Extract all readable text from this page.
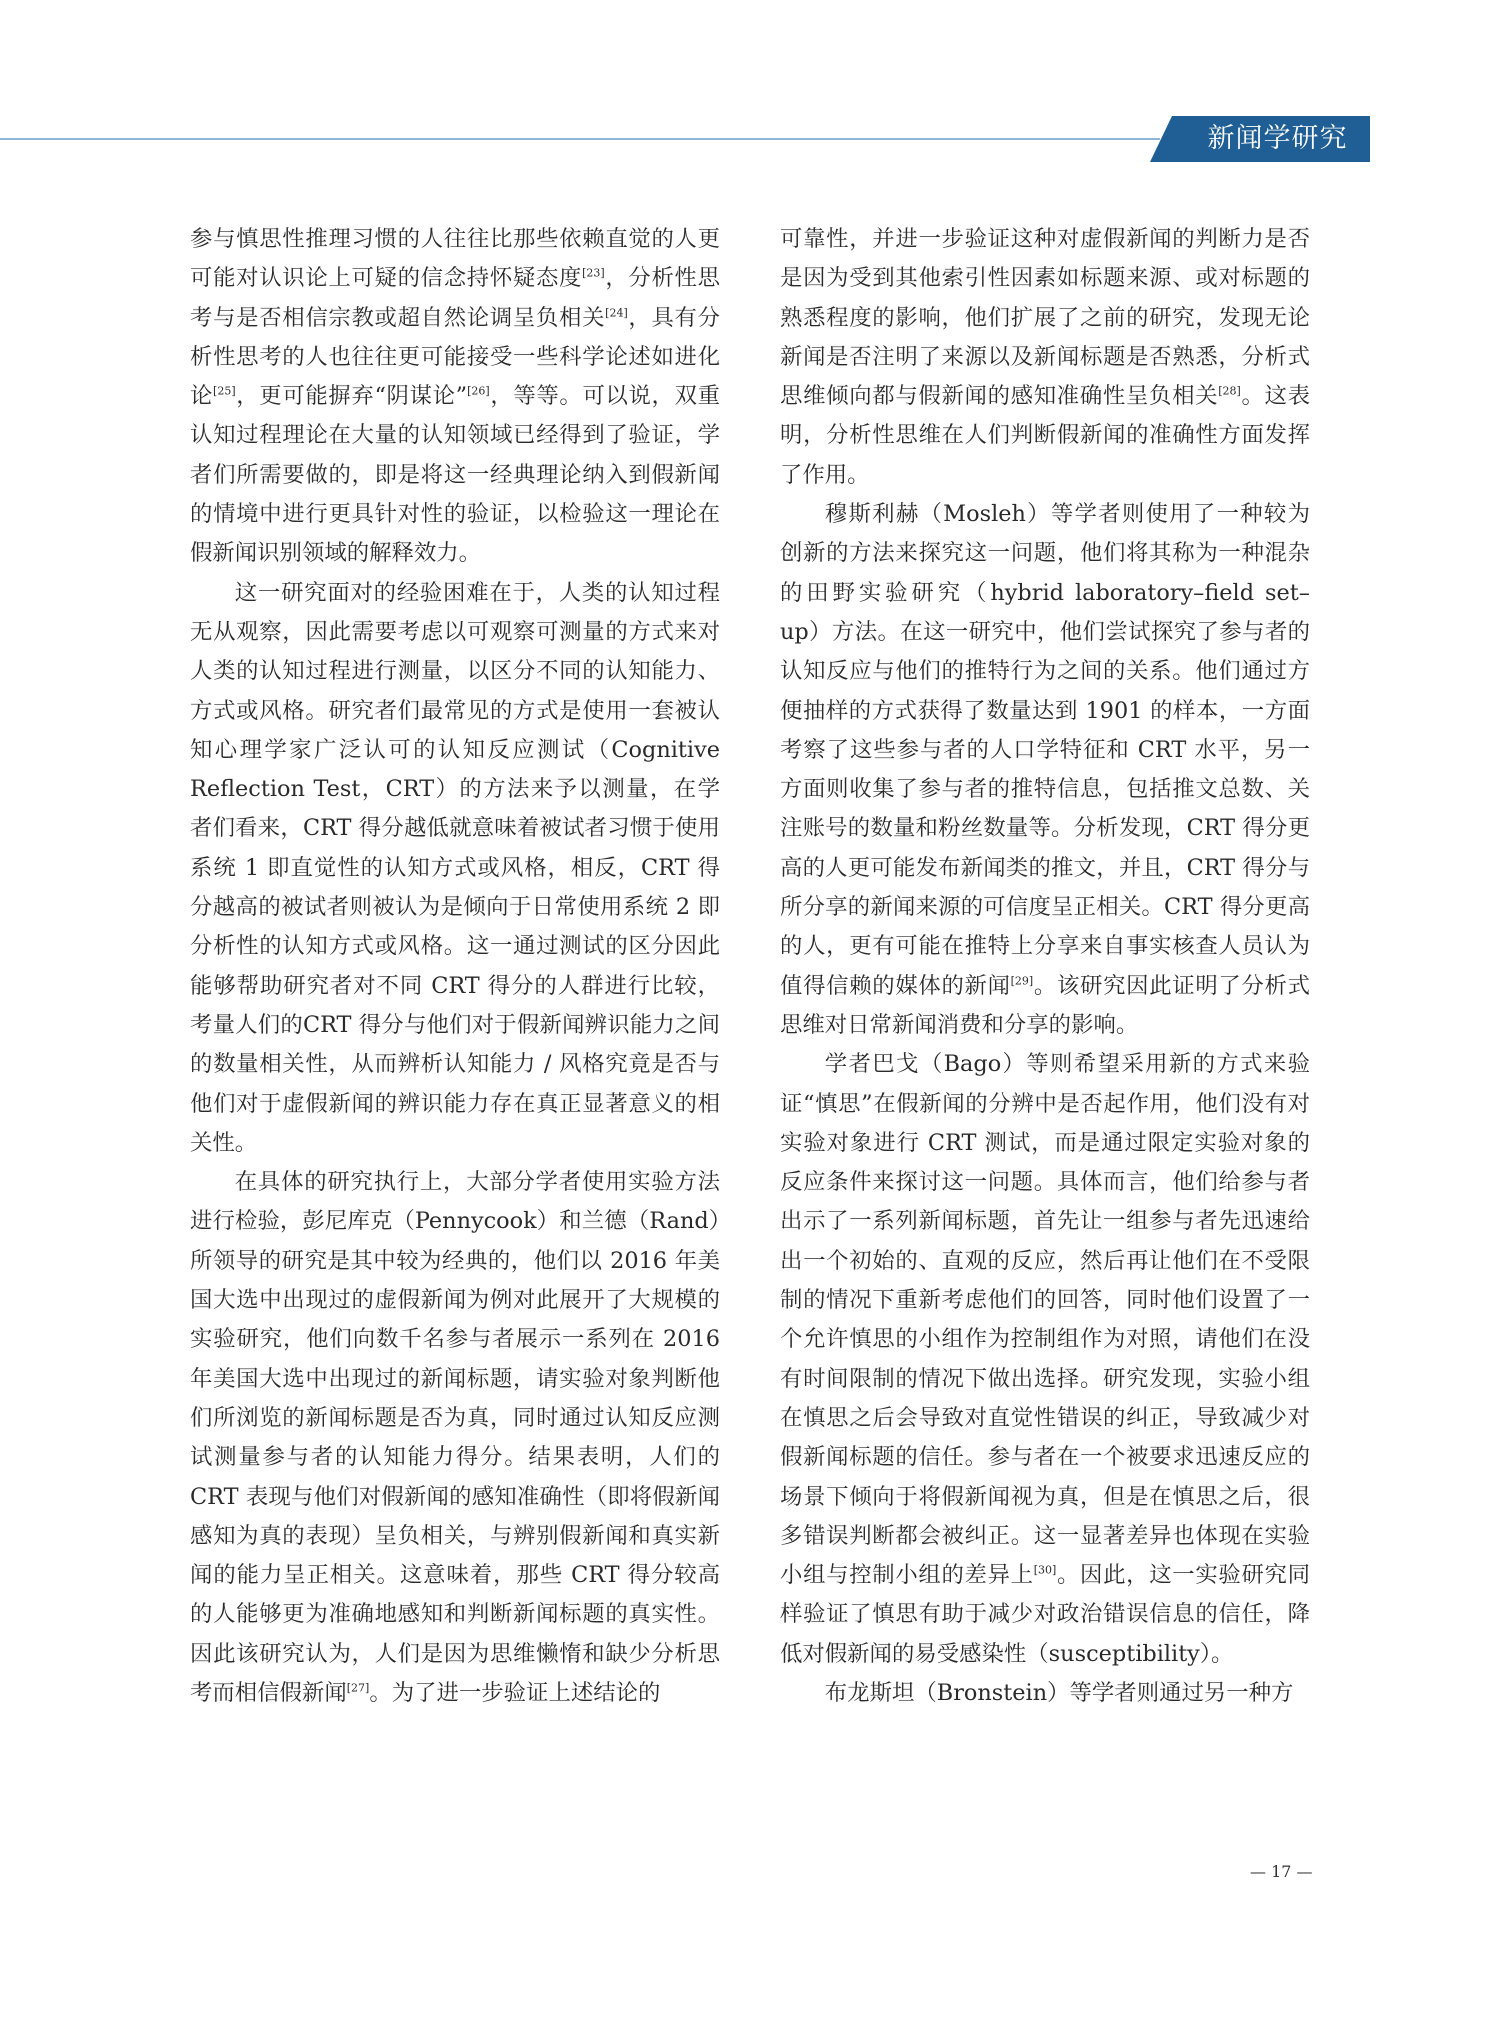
新闻学研究

参与慎思性推理习惯的人往往比那些依赖直觉的人更可能对认识论上可疑的信念持怀疑态度[23]，分析性思考与是否相信宗教或超自然论调呈负相关[24]，具有分析性思考的人也往往更可能接受一些科学论述如进化论[25]，更可能摒弃“阴谋论”[26]，等等。可以说，双重认知过程理论在大量的认知领域已经得到了验证，学者们所需要做的，即是将这一经典理论纳入到假新闻的情境中进行更具针对性的验证，以检验这一理论在假新闻识别领域的解释效力。

这一研究面对的经验困难在于，人类的认知过程无从观察，因此需要考虑以可观察可测量的方式来对人类的认知过程进行测量，以区分不同的认知能力、方式或风格。研究者们最常见的方式是使用一套被认知心理学家广泛认可的认知反应测试（Cognitive Reflection Test，CRT）的方法来予以测量，在学者们看来，CRT 得分越低就意味着被试者习惯于使用系统 1 即直觉性的认知方式或风格，相反，CRT 得分越高的被试者则被认为是倾向于日常使用系统 2 即分析性的认知方式或风格。这一通过测试的区分因此能够帮助研究者对不同 CRT 得分的人群进行比较，考量人们的CRT 得分与他们对于假新闻辨识能力之间的数量相关性，从而辨析认知能力 / 风格究竟是否与他们对于虚假新闻的辨识能力存在真正显著意义的相关性。

在具体的研究执行上，大部分学者使用实验方法进行检验，彭尼库克（Pennycook）和兰德（Rand）所领导的研究是其中较为经典的，他们以 2016 年美国大选中出现过的虚假新闻为例对此展开了大规模的实验研究，他们向数千名参与者展示一系列在 2016 年美国大选中出现过的新闻标题，请实验对象判断他们所浏览的新闻标题是否为真，同时通过认知反应测试测量参与者的认知能力得分。结果表明，人们的 CRT 表现与他们对假新闻的感知准确性（即将假新闻感知为真的表现）呈负相关，与辨别假新闻和真实新闻的能力呈正相关。这意味着，那些 CRT 得分较高的人能够更为准确地感知和判断新闻标题的真实性。因此该研究认为，人们是因为思维懒惰和缺少分析思考而相信假新闻[27]。为了进一步验证上述结论的

可靠性，并进一步验证这种对虚假新闻的判断力是否是因为受到其他索引性因素如标题来源、或对标题的熟悉程度的影响，他们扩展了之前的研究，发现无论新闻是否注明了来源以及新闻标题是否熟悉，分析式思维倾向都与假新闻的感知准确性呈负相关[28]。这表明，分析性思维在人们判断假新闻的准确性方面发挥了作用。

穆斯利赫（Mosleh）等学者则使用了一种较为创新的方法来探究这一问题，他们将其称为一种混杂的田野实验研究（hybrid laboratory–field set–up）方法。在这一研究中，他们尝试探究了参与者的认知反应与他们的推特行为之间的关系。他们通过方便抽样的方式获得了数量达到 1901 的样本，一方面考察了这些参与者的人口学特征和 CRT 水平，另一方面则收集了参与者的推特信息，包括推文总数、关注账号的数量和粉丝数量等。分析发现，CRT 得分更高的人更可能发布新闻类的推文，并且，CRT 得分与所分享的新闻来源的可信度呈正相关。CRT 得分更高的人，更有可能在推特上分享来自事实核查人员认为值得信赖的媒体的新闻[29]。该研究因此证明了分析式思维对日常新闻消费和分享的影响。

学者巴戈（Bago）等则希望采用新的方式来验证“慎思”在假新闻的分辨中是否起作用，他们没有对实验对象进行 CRT 测试，而是通过限定实验对象的反应条件来探讨这一问题。具体而言，他们给参与者出示了一系列新闻标题，首先让一组参与者先迅速给出一个初始的、直观的反应，然后再让他们在不受限制的情况下重新考虑他们的回答，同时他们设置了一个允许慎思的小组作为控制组作为对照，请他们在没有时间限制的情况下做出选择。研究发现，实验小组在慎思之后会导致对直觉性错误的纠正，导致减少对假新闻标题的信任。参与者在一个被要求迅速反应的场景下倾向于将假新闻视为真，但是在慎思之后，很多错误判断都会被纠正。这一显著差异也体现在实验小组与控制小组的差异上[30]。因此，这一实验研究同样验证了慎思有助于减少对政治错误信息的信任，降低对假新闻的易受感染性（susceptibility）。

布龙斯坦（Bronstein）等学者则通过另一种方

— 17 —
